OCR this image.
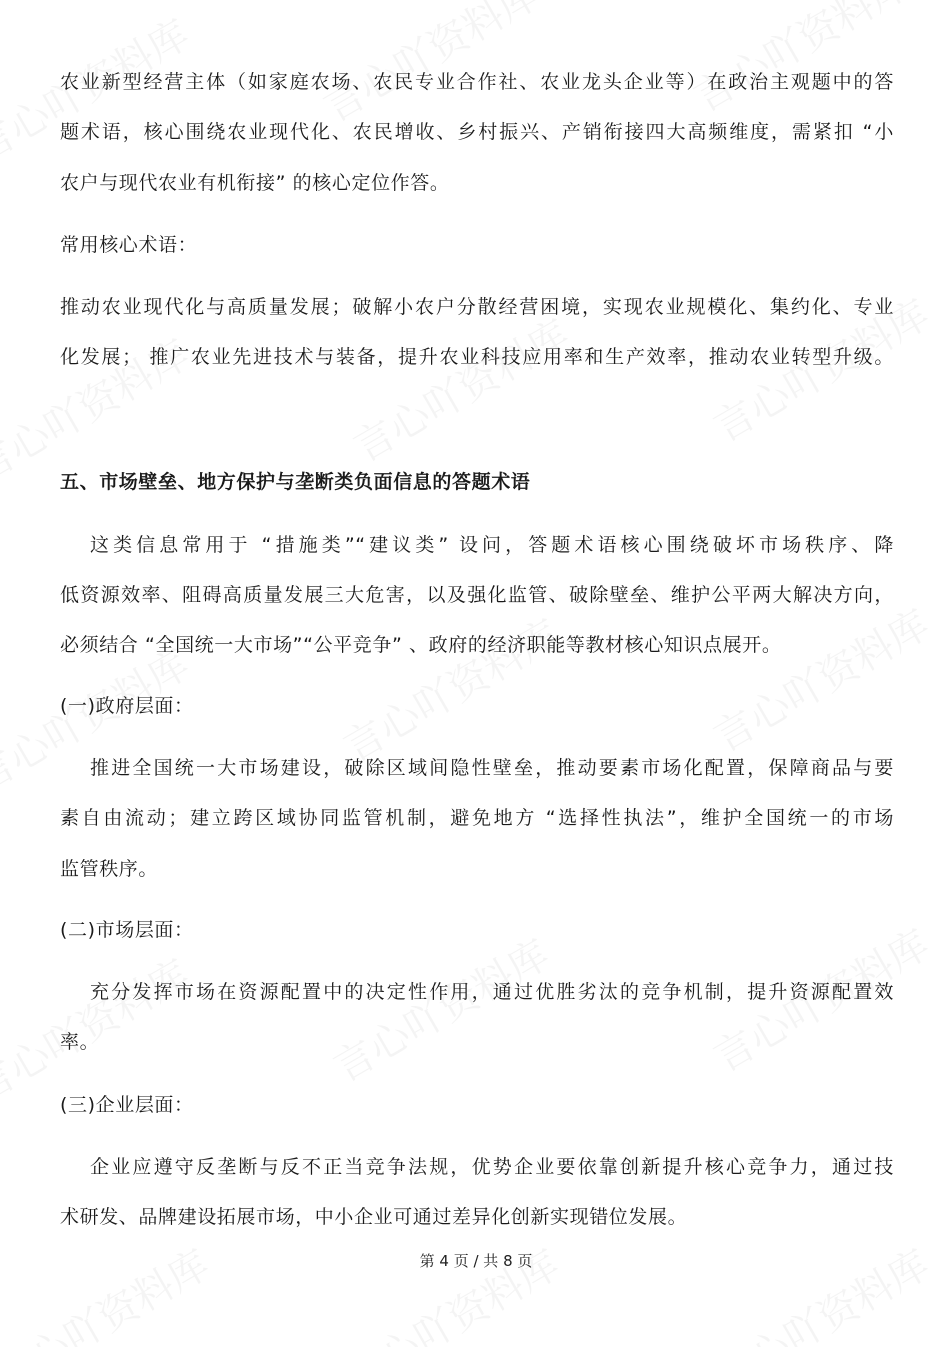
农业新型经营主体（如家庭农场、农民专业合作社、农业龙头企业等）在政治主观题中的答
题术语，核心围绕农业现代化、农民增收、乡村振兴、产销衔接四大高频维度，需紧扣 “小
农户与现代农业有机衔接” 的核心定位作答。
常用核心术语：
推动农业现代化与高质量发展；破解小农户分散经营困境，实现农业规模化、集约化、专业
化发展； 推广农业先进技术与装备，提升农业科技应用率和生产效率，推动农业转型升级。
五、市场壁垒、地方保护与垄断类负面信息的答题术语
这类信息常用于 “措施类”“建议类” 设问，答题术语核心围绕破坏市场秩序、降
低资源效率、阻碍高质量发展三大危害，以及强化监管、破除壁垒、维护公平两大解决方向，
必须结合 “全国统一大市场”“公平竞争” 、政府的经济职能等教材核心知识点展开。
(一)政府层面：
推进全国统一大市场建设，破除区域间隐性壁垒，推动要素市场化配置，保障商品与要
素自由流动；建立跨区域协同监管机制，避免地方 “选择性执法”，维护全国统一的市场
监管秩序。
(二)市场层面：
充分发挥市场在资源配置中的决定性作用，通过优胜劣汰的竞争机制，提升资源配置效
率。
(三)企业层面：
企业应遵守反垄断与反不正当竞争法规，优势企业要依靠创新提升核心竞争力，通过技
术研发、品牌建设拓展市场，中小企业可通过差异化创新实现错位发展。
第 4 页 / 共 8 页
